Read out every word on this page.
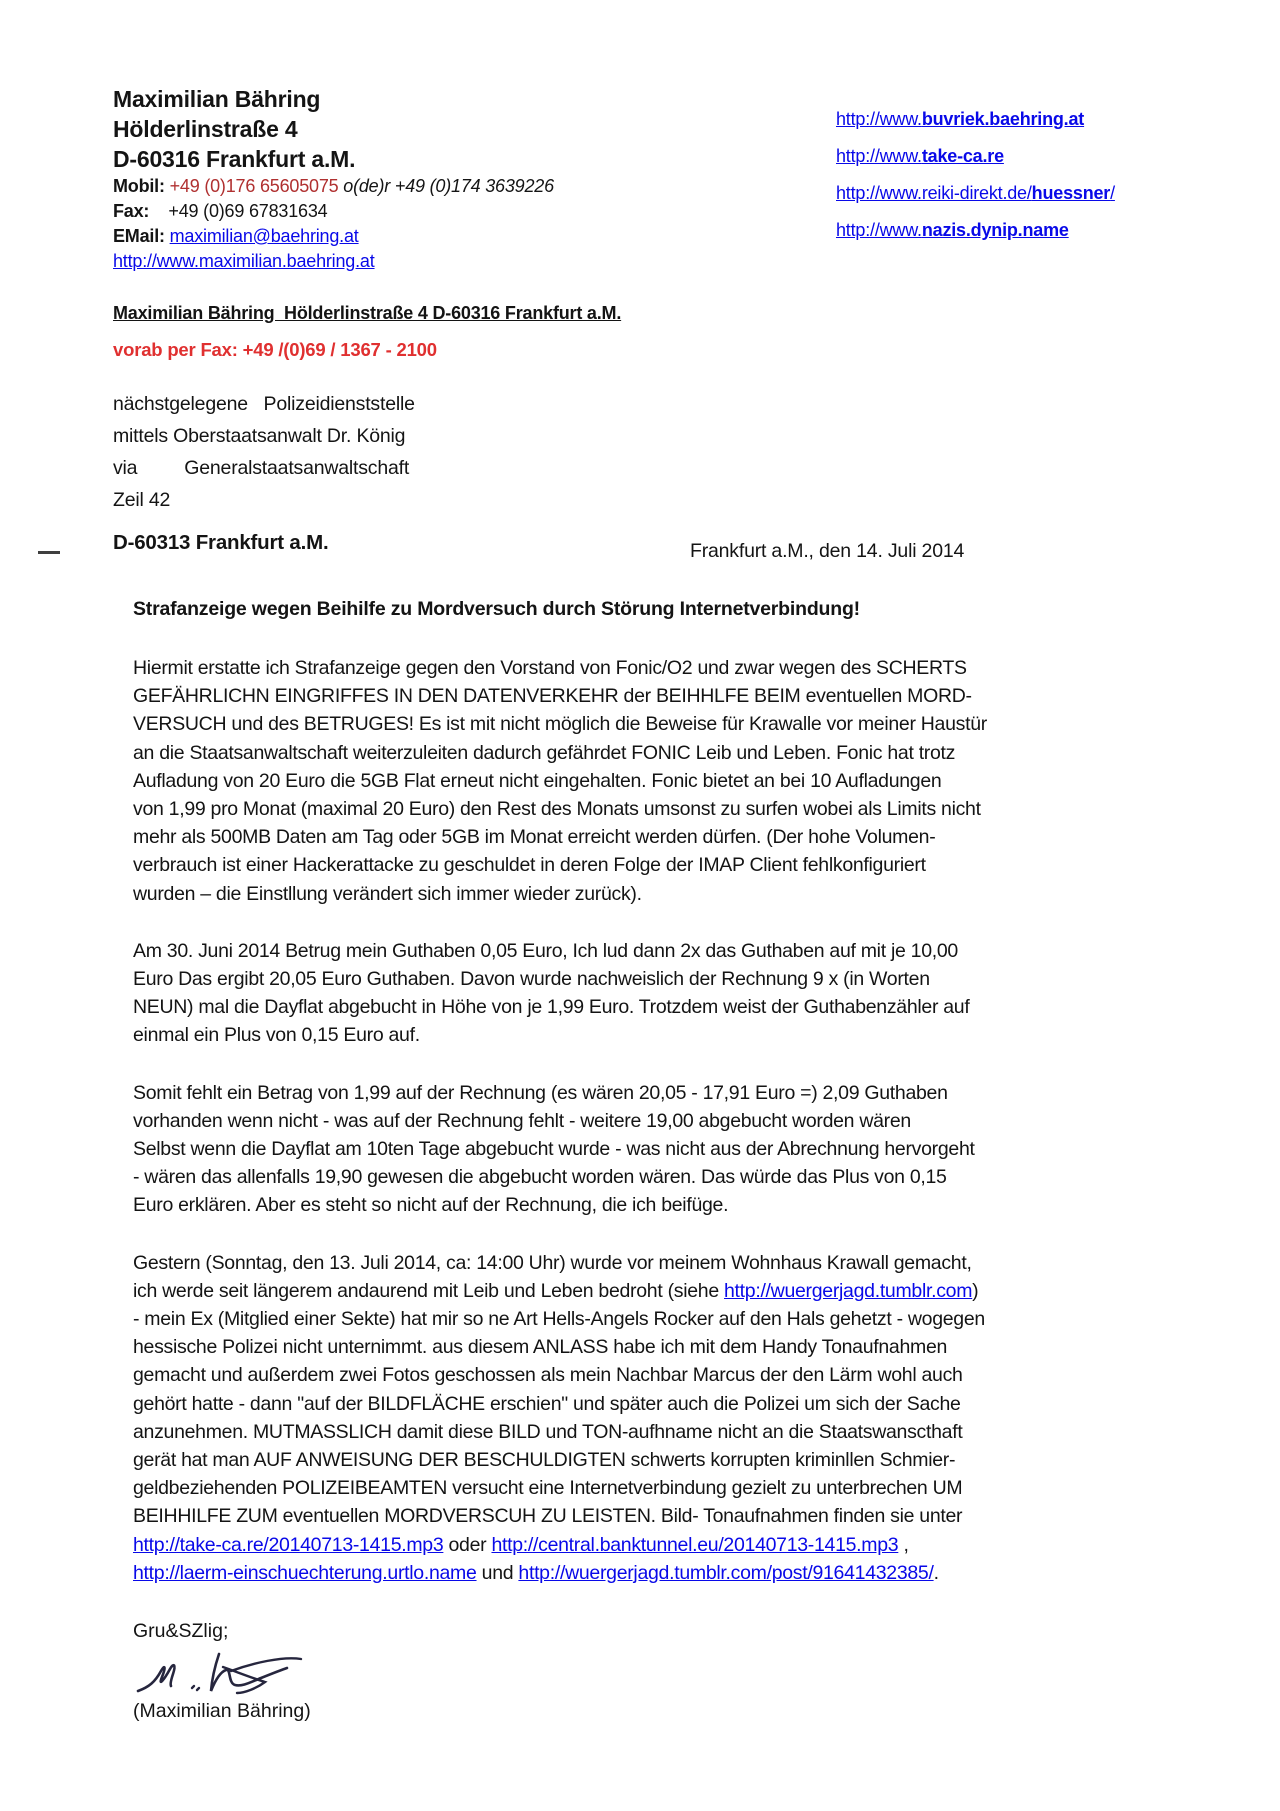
Maximilian Bähring
Hölderlinstraße 4
D-60316 Frankfurt a.M.
Mobil: +49 (0)176 65605075 o(de)r +49 (0)174 3639226
Fax:    +49 (0)69 67831634
EMail: maximilian@baehring.at
http://www.maximilian.baehring.at
http://www.buvriek.baehring.at
http://www.take-ca.re
http://www.reiki-direkt.de/huessner/
http://www.nazis.dynip.name
Maximilian Bähring  Hölderlinstraße 4 D-60316 Frankfurt a.M.
vorab per Fax: +49 /(0)69 / 1367 - 2100
nächstgelegene   Polizeidienststelle
mittels Oberstaatsanwalt Dr. König
via         Generalstaatsanwaltschaft
Zeil 42
D-60313 Frankfurt a.M.	Frankfurt a.M., den 14. Juli 2014
Strafanzeige wegen Beihilfe zu Mordversuch durch Störung Internetverbindung!
Hiermit erstatte ich Strafanzeige gegen den Vorstand von Fonic/O2 und zwar wegen des SCHERTS
GEFÄHRLICHN EINGRIFFES IN DEN DATENVERKEHR der BEIHHLFE BEIM eventuellen MORD-
VERSUCH und des BETRUGES! Es ist mit nicht möglich die Beweise für Krawalle vor meiner Haustür
an die Staatsanwaltschaft weiterzuleiten dadurch gefährdet FONIC Leib und Leben. Fonic hat trotz
Aufladung von 20 Euro die 5GB Flat erneut nicht eingehalten. Fonic bietet an bei 10 Aufladungen
von 1,99 pro Monat (maximal 20 Euro) den Rest des Monats umsonst zu surfen wobei als Limits nicht
mehr als 500MB Daten am Tag oder 5GB im Monat erreicht werden dürfen. (Der hohe Volumen-
verbrauch ist einer Hackerattacke zu geschuldet in deren Folge der IMAP Client fehlkonfiguriert
wurden – die Einstllung verändert sich immer wieder zurück).
Am 30. Juni 2014 Betrug mein Guthaben 0,05 Euro, Ich lud dann 2x das Guthaben auf mit je 10,00
Euro Das ergibt 20,05 Euro Guthaben. Davon wurde nachweislich der Rechnung 9 x (in Worten
NEUN) mal die Dayflat abgebucht in Höhe von je 1,99 Euro. Trotzdem weist der Guthabenzähler auf
einmal ein Plus von 0,15 Euro auf.
Somit fehlt ein Betrag von 1,99 auf der Rechnung (es wären 20,05 - 17,91 Euro =) 2,09 Guthaben
vorhanden wenn nicht - was auf der Rechnung fehlt - weitere 19,00 abgebucht worden wären
Selbst wenn die Dayflat am 10ten Tage abgebucht wurde - was nicht aus der Abrechnung hervorgeht
- wären das allenfalls 19,90 gewesen die abgebucht worden wären. Das würde das Plus von 0,15
Euro erklären. Aber es steht so nicht auf der Rechnung, die ich beifüge.
Gestern (Sonntag, den 13. Juli 2014, ca: 14:00 Uhr) wurde vor meinem Wohnhaus Krawall gemacht,
ich werde seit längerem andaurend mit Leib und Leben bedroht (siehe http://wuergerjagd.tumblr.com)
- mein Ex (Mitglied einer Sekte) hat mir so ne Art Hells-Angels Rocker auf den Hals gehetzt - wogegen
hessische Polizei nicht unternimmt. aus diesem ANLASS habe ich mit dem Handy Tonaufnahmen
gemacht und außerdem zwei Fotos geschossen als mein Nachbar Marcus der den Lärm wohl auch
gehört hatte - dann "auf der BILDFLÄCHE erschien" und später auch die Polizei um sich der Sache
anzunehmen. MUTMASSLICH damit diese BILD und TON-aufhname nicht an die Staatswanscthaft
gerät hat man AUF ANWEISUNG DER BESCHULDIGTEN schwerts korrupten kriminllen Schmier-
geldbeziehenden POLIZEIBEAMTEN versucht eine Internetverbindung gezielt zu unterbrechen UM
BEIHHILFE ZUM eventuellen MORDVERSCUH ZU LEISTEN. Bild- Tonaufnahmen finden sie unter
http://take-ca.re/20140713-1415.mp3 oder http://central.banktunnel.eu/20140713-1415.mp3 ,
http://laerm-einschuechterung.urtlo.name und http://wuergerjagd.tumblr.com/post/91641432385/.
Gru&SZlig;
(Maximilian Bähring)
